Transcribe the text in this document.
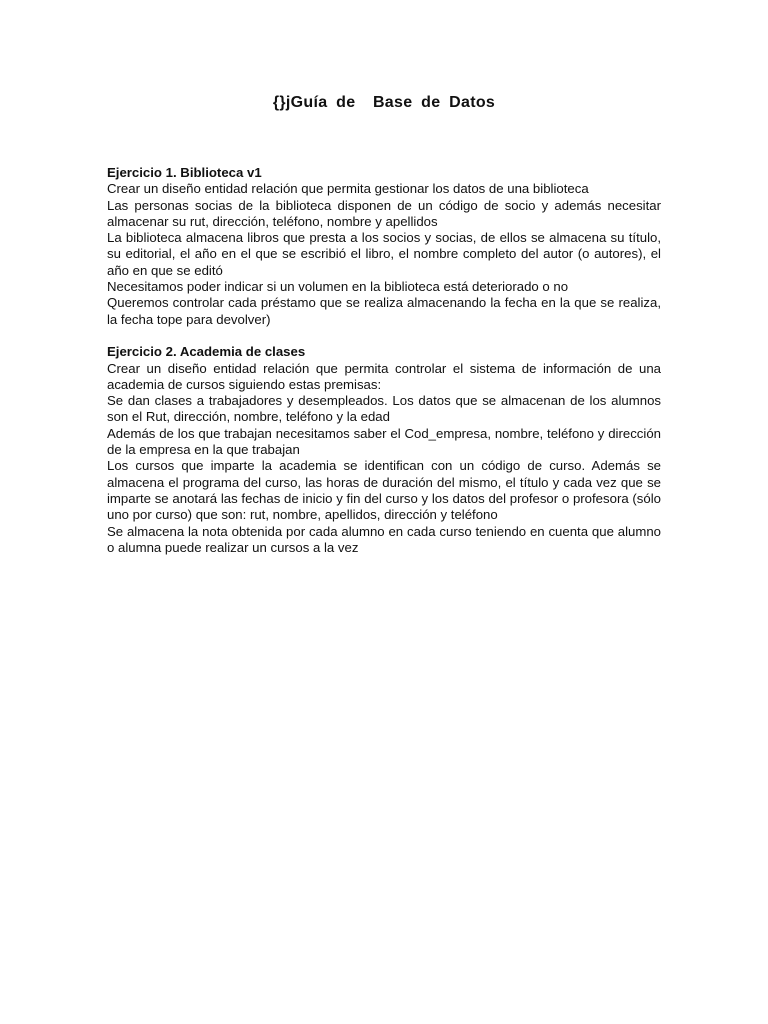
{}jGuía de  Base de Datos
Ejercicio 1. Biblioteca v1

Crear un diseño entidad relación que permita gestionar los datos de una biblioteca

Las personas socias de la biblioteca disponen de un código de socio y además necesitar almacenar su rut, dirección, teléfono, nombre y apellidos

La biblioteca almacena libros que presta a los socios y socias, de ellos se almacena su título, su editorial, el año en el que se escribió el libro, el nombre completo del autor (o autores), el año en que se editó

Necesitamos poder indicar si un volumen en la biblioteca está deteriorado o no

Queremos controlar cada préstamo que se realiza almacenando la fecha en la que se realiza, la fecha tope para devolver)

Ejercicio 2. Academia de clases

Crear un diseño entidad relación que permita controlar el sistema de información de una academia de cursos siguiendo estas premisas:

Se dan clases a trabajadores y desempleados. Los datos que se almacenan de los alumnos son el Rut, dirección, nombre, teléfono y la edad

Además de los que trabajan necesitamos saber el Cod_empresa, nombre, teléfono y dirección de la empresa en la que trabajan

Los cursos que imparte la academia se identifican con un código de curso. Además se almacena el programa del curso, las horas de duración del mismo, el título y cada vez que se imparte se anotará las fechas de inicio y fin del curso y los datos del profesor o profesora (sólo uno por curso) que son: rut, nombre, apellidos, dirección y teléfono

Se almacena la nota obtenida por cada alumno en cada curso teniendo en cuenta que alumno o alumna puede realizar un cursos a la vez
